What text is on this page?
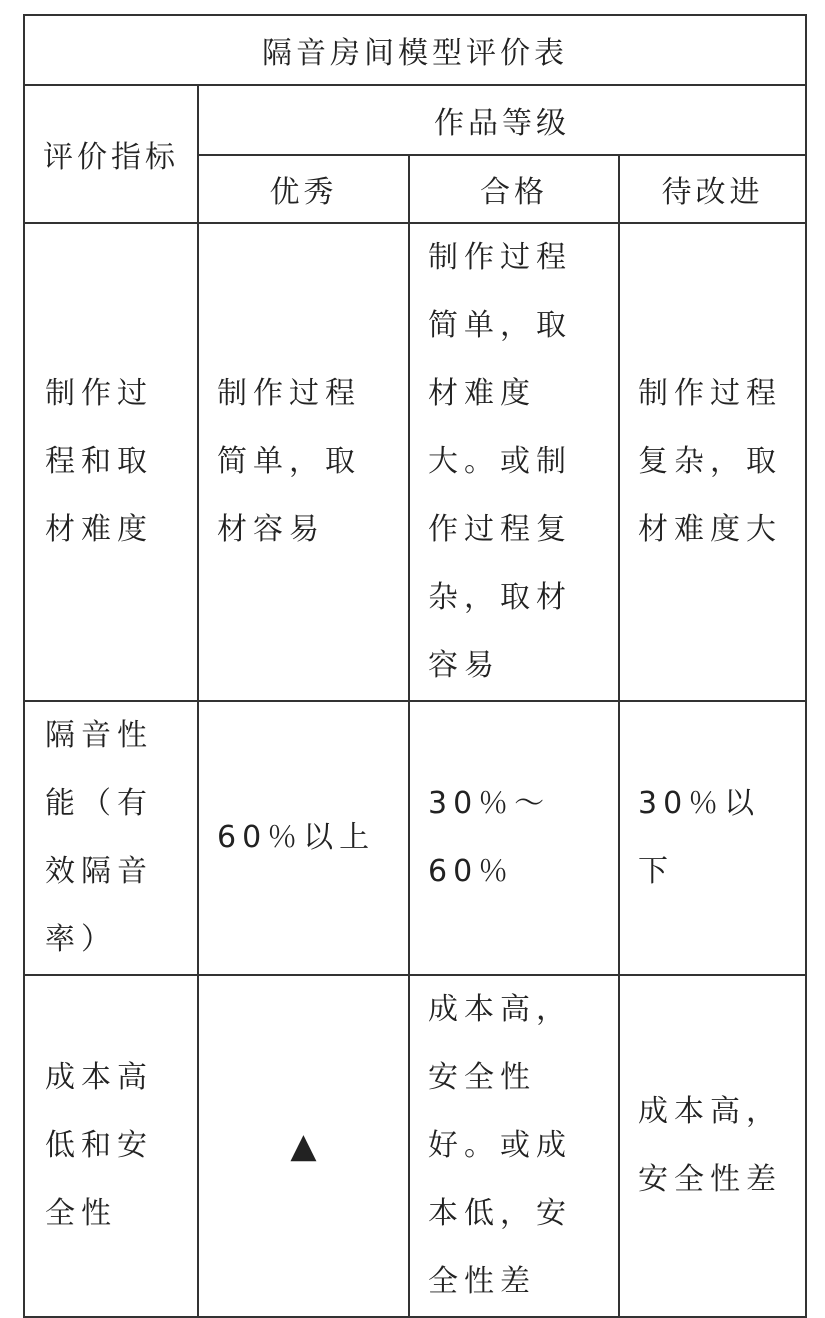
隔音房间模型评价表			
评价指标	作品等级		
	优秀	合格	待改进
制作过程和取材难度	制作过程简单，取材容易	制作过程简单，取材难度大。或制作过程复杂，取材容易	制作过程复杂，取材难度大
隔音性能（有效隔音率）	60％以上	30％～60％	30％以下
成本高低和安全性	▲	成本高，安全性好。或成本低，安全性差	成本高，安全性差
